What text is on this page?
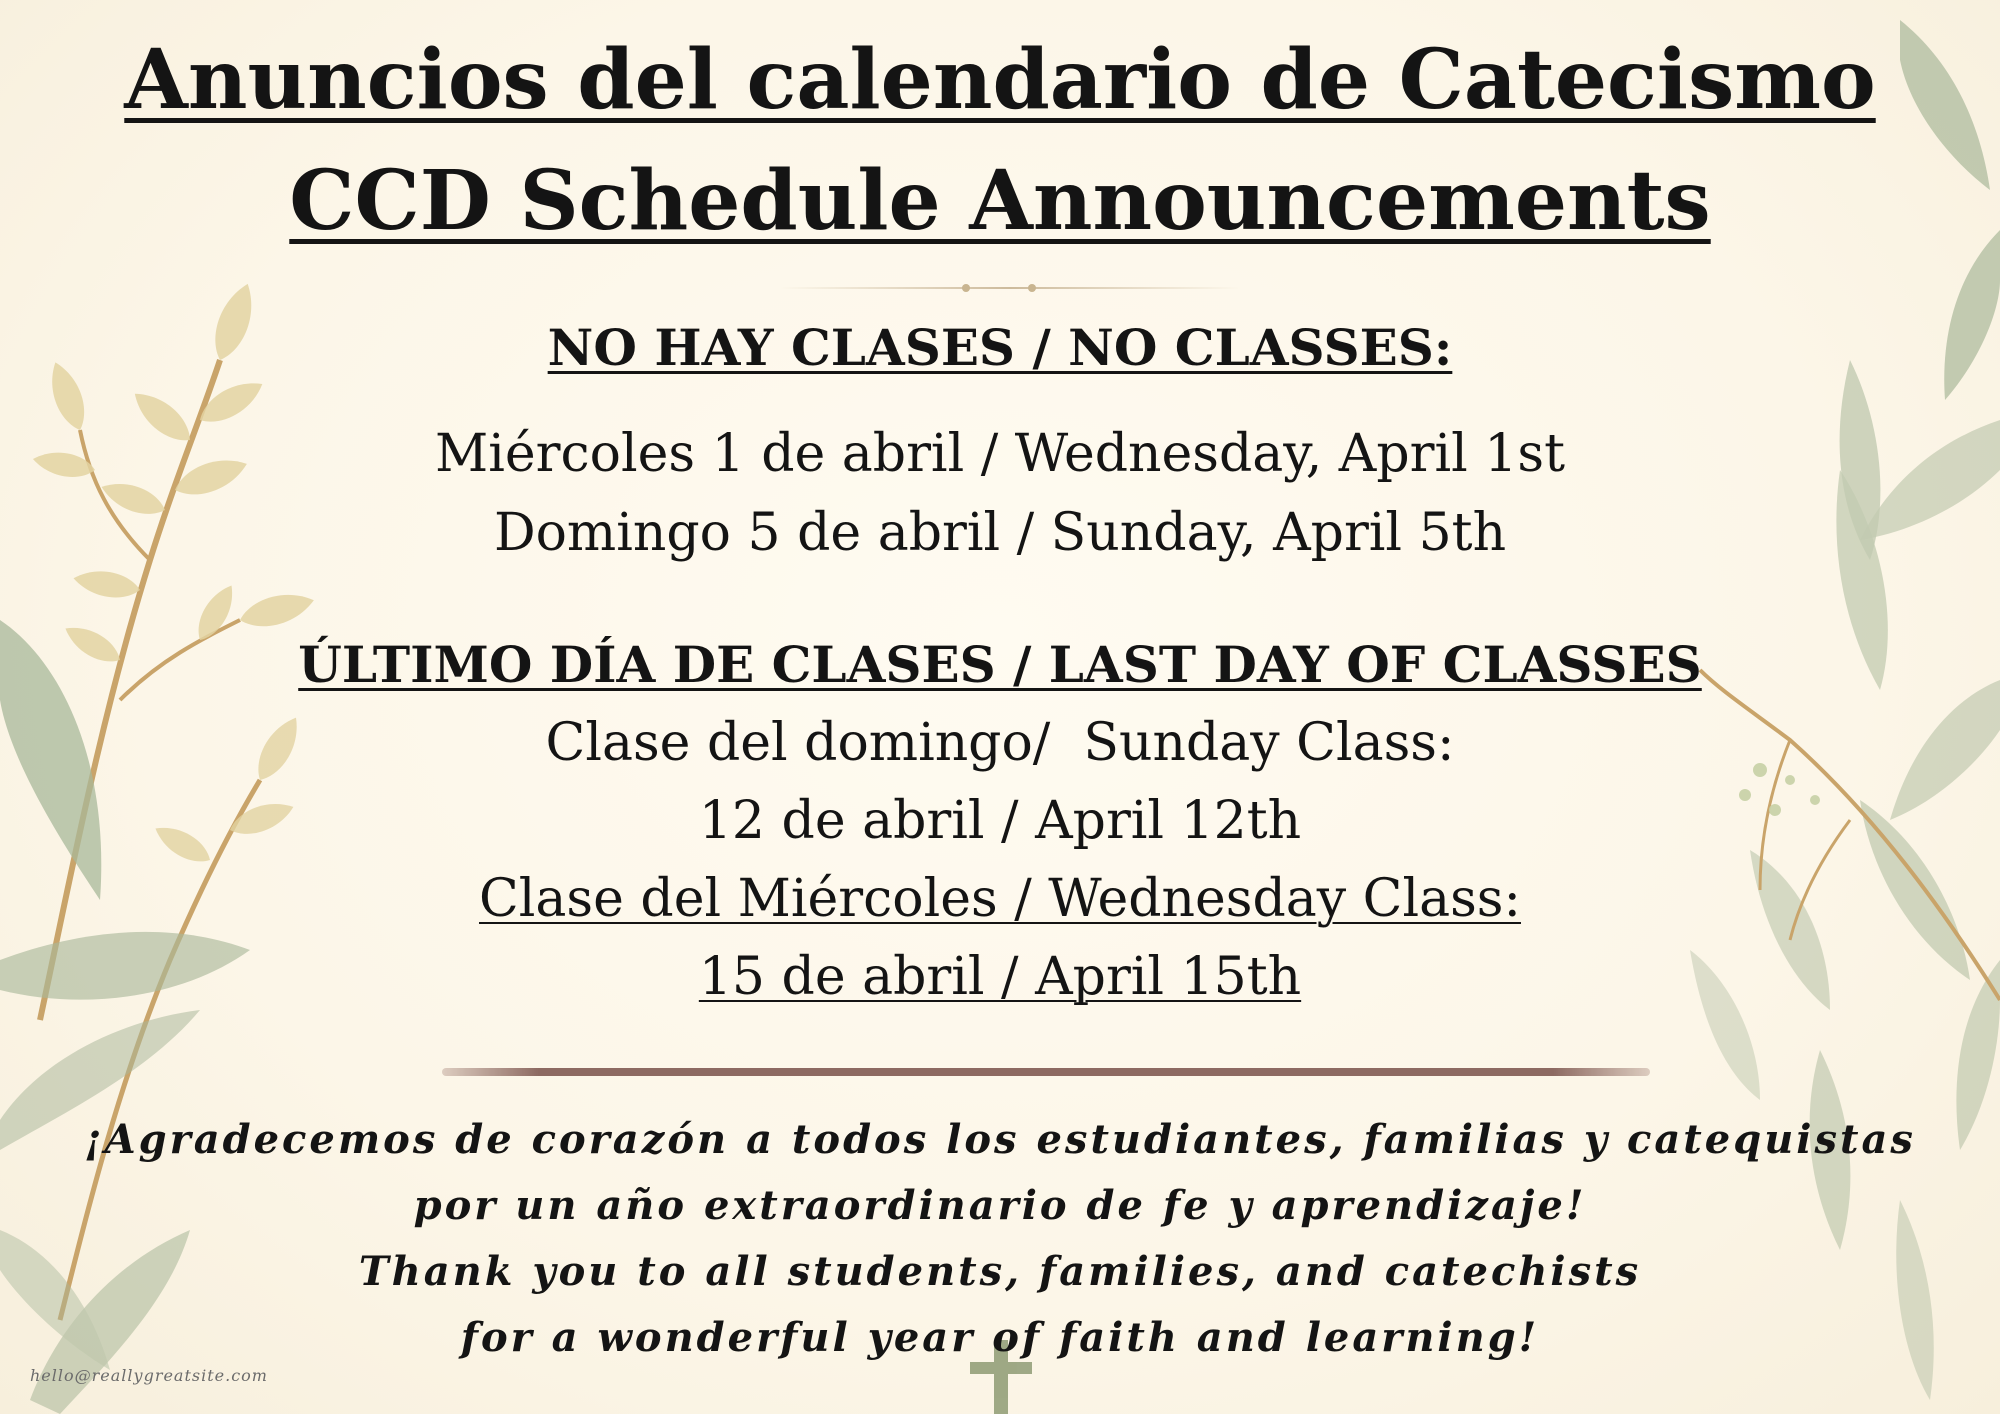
Anuncios del calendario de Catecismo
CCD Schedule Announcements
NO HAY CLASES / NO CLASSES:
Miércoles 1 de abril / Wednesday, April 1st
Domingo 5 de abril / Sunday, April 5th
ÚLTIMO DÍA DE CLASES / LAST DAY OF CLASSES
Clase del domingo/  Sunday Class:
12 de abril / April 12th
Clase del Miércoles / Wednesday Class:
15 de abril / April 15th
¡Agradecemos de corazón a todos los estudiantes, familias y catequistas
por un año extraordinario de fe y aprendizaje!
Thank you to all students, families, and catechists
for a wonderful year of faith and learning!
hello@reallygreatsite.com
